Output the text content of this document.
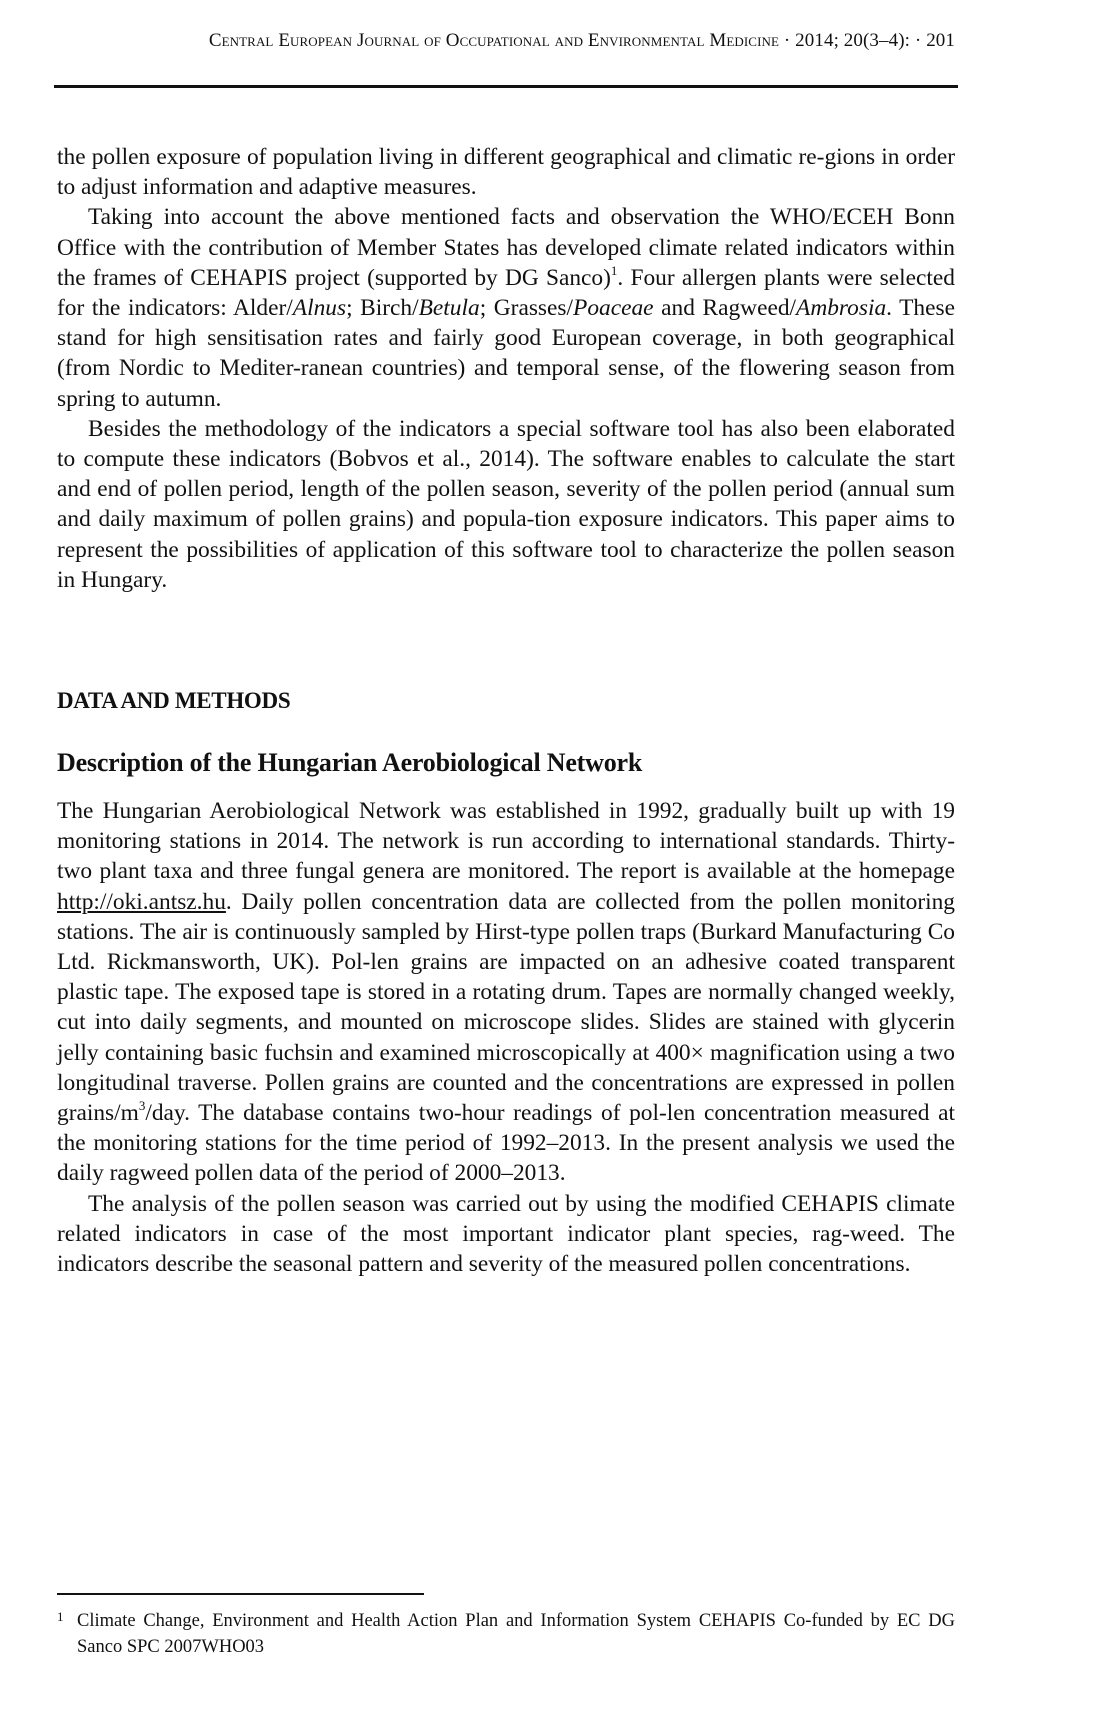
Central European Journal of Occupational and Environmental Medicine · 2014; 20(3–4): · 201

the pollen exposure of population living in different geographical and climatic re-gions in order to adjust information and adaptive measures.

Taking into account the above mentioned facts and observation the WHO/ECEH Bonn Office with the contribution of Member States has developed climate related indicators within the frames of CEHAPIS project (supported by DG Sanco)$^1$. Four allergen plants were selected for the indicators: Alder/Alnus; Birch/Betula; Grasses/Poaceae and Ragweed/Ambrosia. These stand for high sensitisation rates and fairly good European coverage, in both geographical (from Nordic to Mediter-ranean countries) and temporal sense, of the flowering season from spring to autumn.

Besides the methodology of the indicators a special software tool has also been elaborated to compute these indicators (Bobvos et al., 2014). The software enables to calculate the start and end of pollen period, length of the pollen season, severity of the pollen period (annual sum and daily maximum of pollen grains) and popula-tion exposure indicators. This paper aims to represent the possibilities of application of this software tool to characterize the pollen season in Hungary.

DATA AND METHODS
Description of the Hungarian Aerobiological Network

The Hungarian Aerobiological Network was established in 1992, gradually built up with 19 monitoring stations in 2014. The network is run according to international standards. Thirty-two plant taxa and three fungal genera are monitored. The report is available at the homepage http://oki.antsz.hu. Daily pollen concentration data are collected from the pollen monitoring stations. The air is continuously sampled by Hirst-type pollen traps (Burkard Manufacturing Co Ltd. Rickmansworth, UK). Pol-len grains are impacted on an adhesive coated transparent plastic tape. The exposed tape is stored in a rotating drum. Tapes are normally changed weekly, cut into daily segments, and mounted on microscope slides. Slides are stained with glycerin jelly containing basic fuchsin and examined microscopically at 400× magnification using a two longitudinal traverse. Pollen grains are counted and the concentrations are expressed in pollen grains/$m^3$/day. The database contains two-hour readings of pol-len concentration measured at the monitoring stations for the time period of 1992–2013. In the present analysis we used the daily ragweed pollen data of the period of 2000–2013.

The analysis of the pollen season was carried out by using the modified CEHAPIS climate related indicators in case of the most important indicator plant species, rag-weed. The indicators describe the seasonal pattern and severity of the measured pollen concentrations.

1 Climate Change, Environment and Health Action Plan and Information System CEHAPIS Co-funded by EC DG Sanco SPC 2007WHO03
